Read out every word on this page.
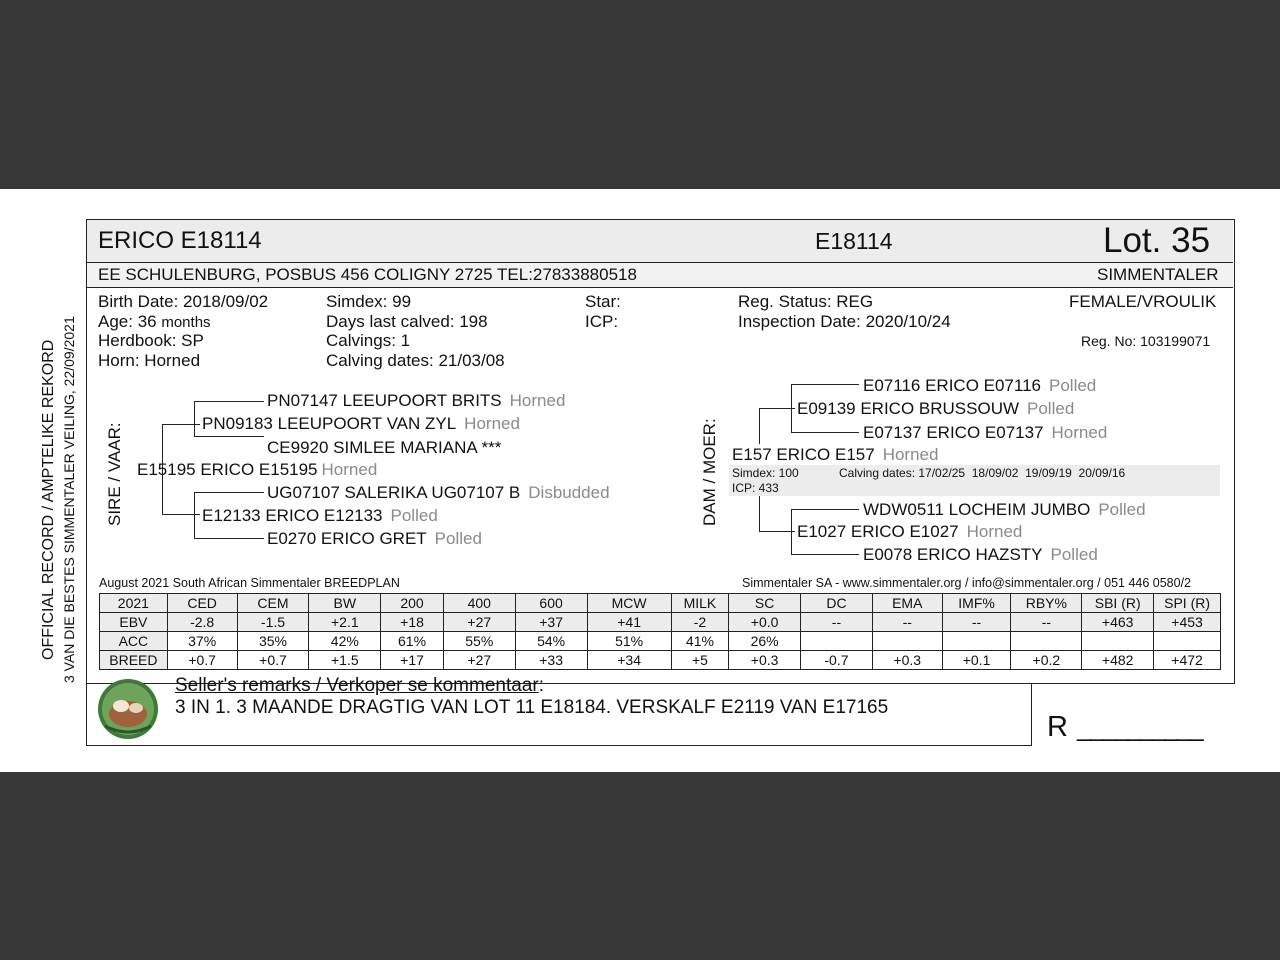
OFFICIAL RECORD / AMPTELIKE REKORD 3 VAN DIE BESTES SIMMENTALER VEILING, 22/09/2021
ERICO E18114	E18114	Lot. 35
EE SCHULENBURG, POSBUS 456 COLIGNY 2725 TEL:27833880518	SIMMENTALER
Birth Date: 2018/09/02
Age: 36 months
Herdbook: SP
Horn: Horned
Simdex: 99
Days last calved: 198
Calvings: 1
Calving dates: 21/03/08
Star:
ICP:
Reg. Status: REG
Inspection Date: 2020/10/24
FEMALE/VROULIK
Reg. No: 103199071
SIRE / VAAR:	DAM / MOER:
PN07147 LEEUPOORT BRITS Horned
PN09183 LEEUPOORT VAN ZYL Horned
CE9920 SIMLEE MARIANA ***
E15195 ERICO E15195 Horned
UG07107 SALERIKA UG07107 B Disbudded
E12133 ERICO E12133 Polled
E0270 ERICO GRET Polled
E07116 ERICO E07116 Polled
E09139 ERICO BRUSSOUW Polled
E07137 ERICO E07137 Horned
E157 ERICO E157 Horned
Simdex: 100	Calving dates: 17/02/25  18/09/02  19/09/19  20/09/16
ICP: 433
WDW0511 LOCHEIM JUMBO Polled
E1027 ERICO E1027 Horned
E0078 ERICO HAZSTY Polled
August 2021 South African Simmentaler BREEDPLAN	Simmentaler SA - www.simmentaler.org / info@simmentaler.org / 051 446 0580/2
2021	CED	CEM	BW	200	400	600	MCW	MILK	SC	DC	EMA	IMF%	RBY%	SBI (R)	SPI (R)
EBV	-2.8	-1.5	+2.1	+18	+27	+37	+41	-2	+0.0	--	--	--	--	+463	+453
ACC	37%	35%	42%	61%	55%	54%	51%	41%	26%						
BREED	+0.7	+0.7	+1.5	+17	+27	+33	+34	+5	+0.3	-0.7	+0.3	+0.1	+0.2	+482	+472
Seller's remarks / Verkoper se kommentaar:
3 IN 1. 3 MAANDE DRAGTIG VAN LOT 11 E18184. VERSKALF E2119 VAN E17165
R __________
